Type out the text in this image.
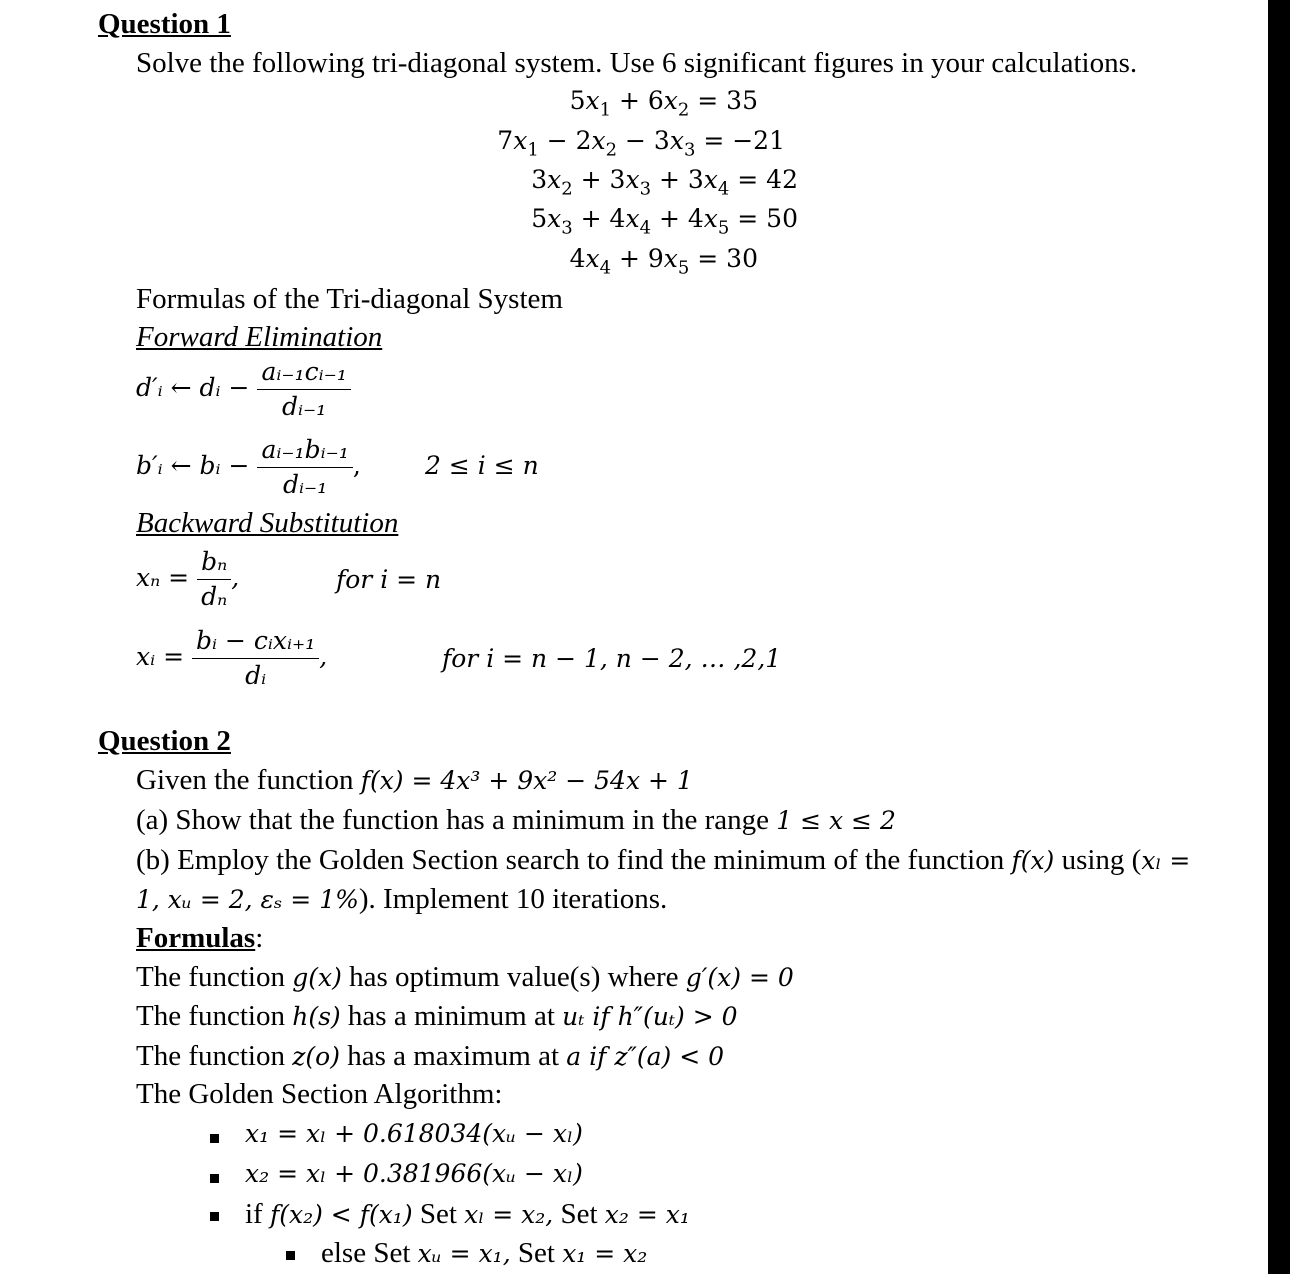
Question 1
Solve the following tri-diagonal system. Use 6 significant figures in your calculations.
$5x_1 + 6x_2 = 35$
$7x_1 - 2x_2 - 3x_3 = -21$
$3x_2 + 3x_3 + 3x_4 = 42$
$5x_3 + 4x_4 + 4x_5 = 50$
$4x_4 + 9x_5 = 30$
Formulas of the Tri-diagonal System
Forward Elimination
d′ᵢ ← dᵢ − $\frac{\text{aᵢ₋₁cᵢ₋₁}}{\text{dᵢ₋₁}}$
b′ᵢ ← bᵢ − $\frac{\text{aᵢ₋₁bᵢ₋₁}}{\text{dᵢ₋₁}}$ ,	2 ≤ i ≤ n
Backward Substitution
$x_n = \frac{\text{bₙ}}{\text{dₙ}}$ ,	for i = n
xᵢ = $\frac{\text{bᵢ − cᵢxᵢ₊₁}}{\text{dᵢ}}$ ,	for i = n − 1, n − 2, … ,2,1
Question 2
Given the function f(x) = 4x³ + 9x² − 54x + 1
(a) Show that the function has a minimum in the range 1 ≤ x ≤ 2
(b) Employ the Golden Section search to find the minimum of the function f(x) using (xₗ =
1, xᵤ = 2, εₛ = 1%). Implement 10 iterations.
Formulas:
The function g(x) has optimum value(s) where g′(x) = 0
The function h(s) has a minimum at uₜ if h″(uₜ) > 0
The function z(o) has a maximum at a if z″(a) < 0
The Golden Section Algorithm:
x₁ = xₗ + 0.618034(xᵤ − xₗ)
x₂ = xₗ + 0.381966(xᵤ − xₗ)
if f(x₂) < f(x₁) Set xₗ = x₂, Set x₂ = x₁
else Set xᵤ = x₁, Set x₁ = x₂
